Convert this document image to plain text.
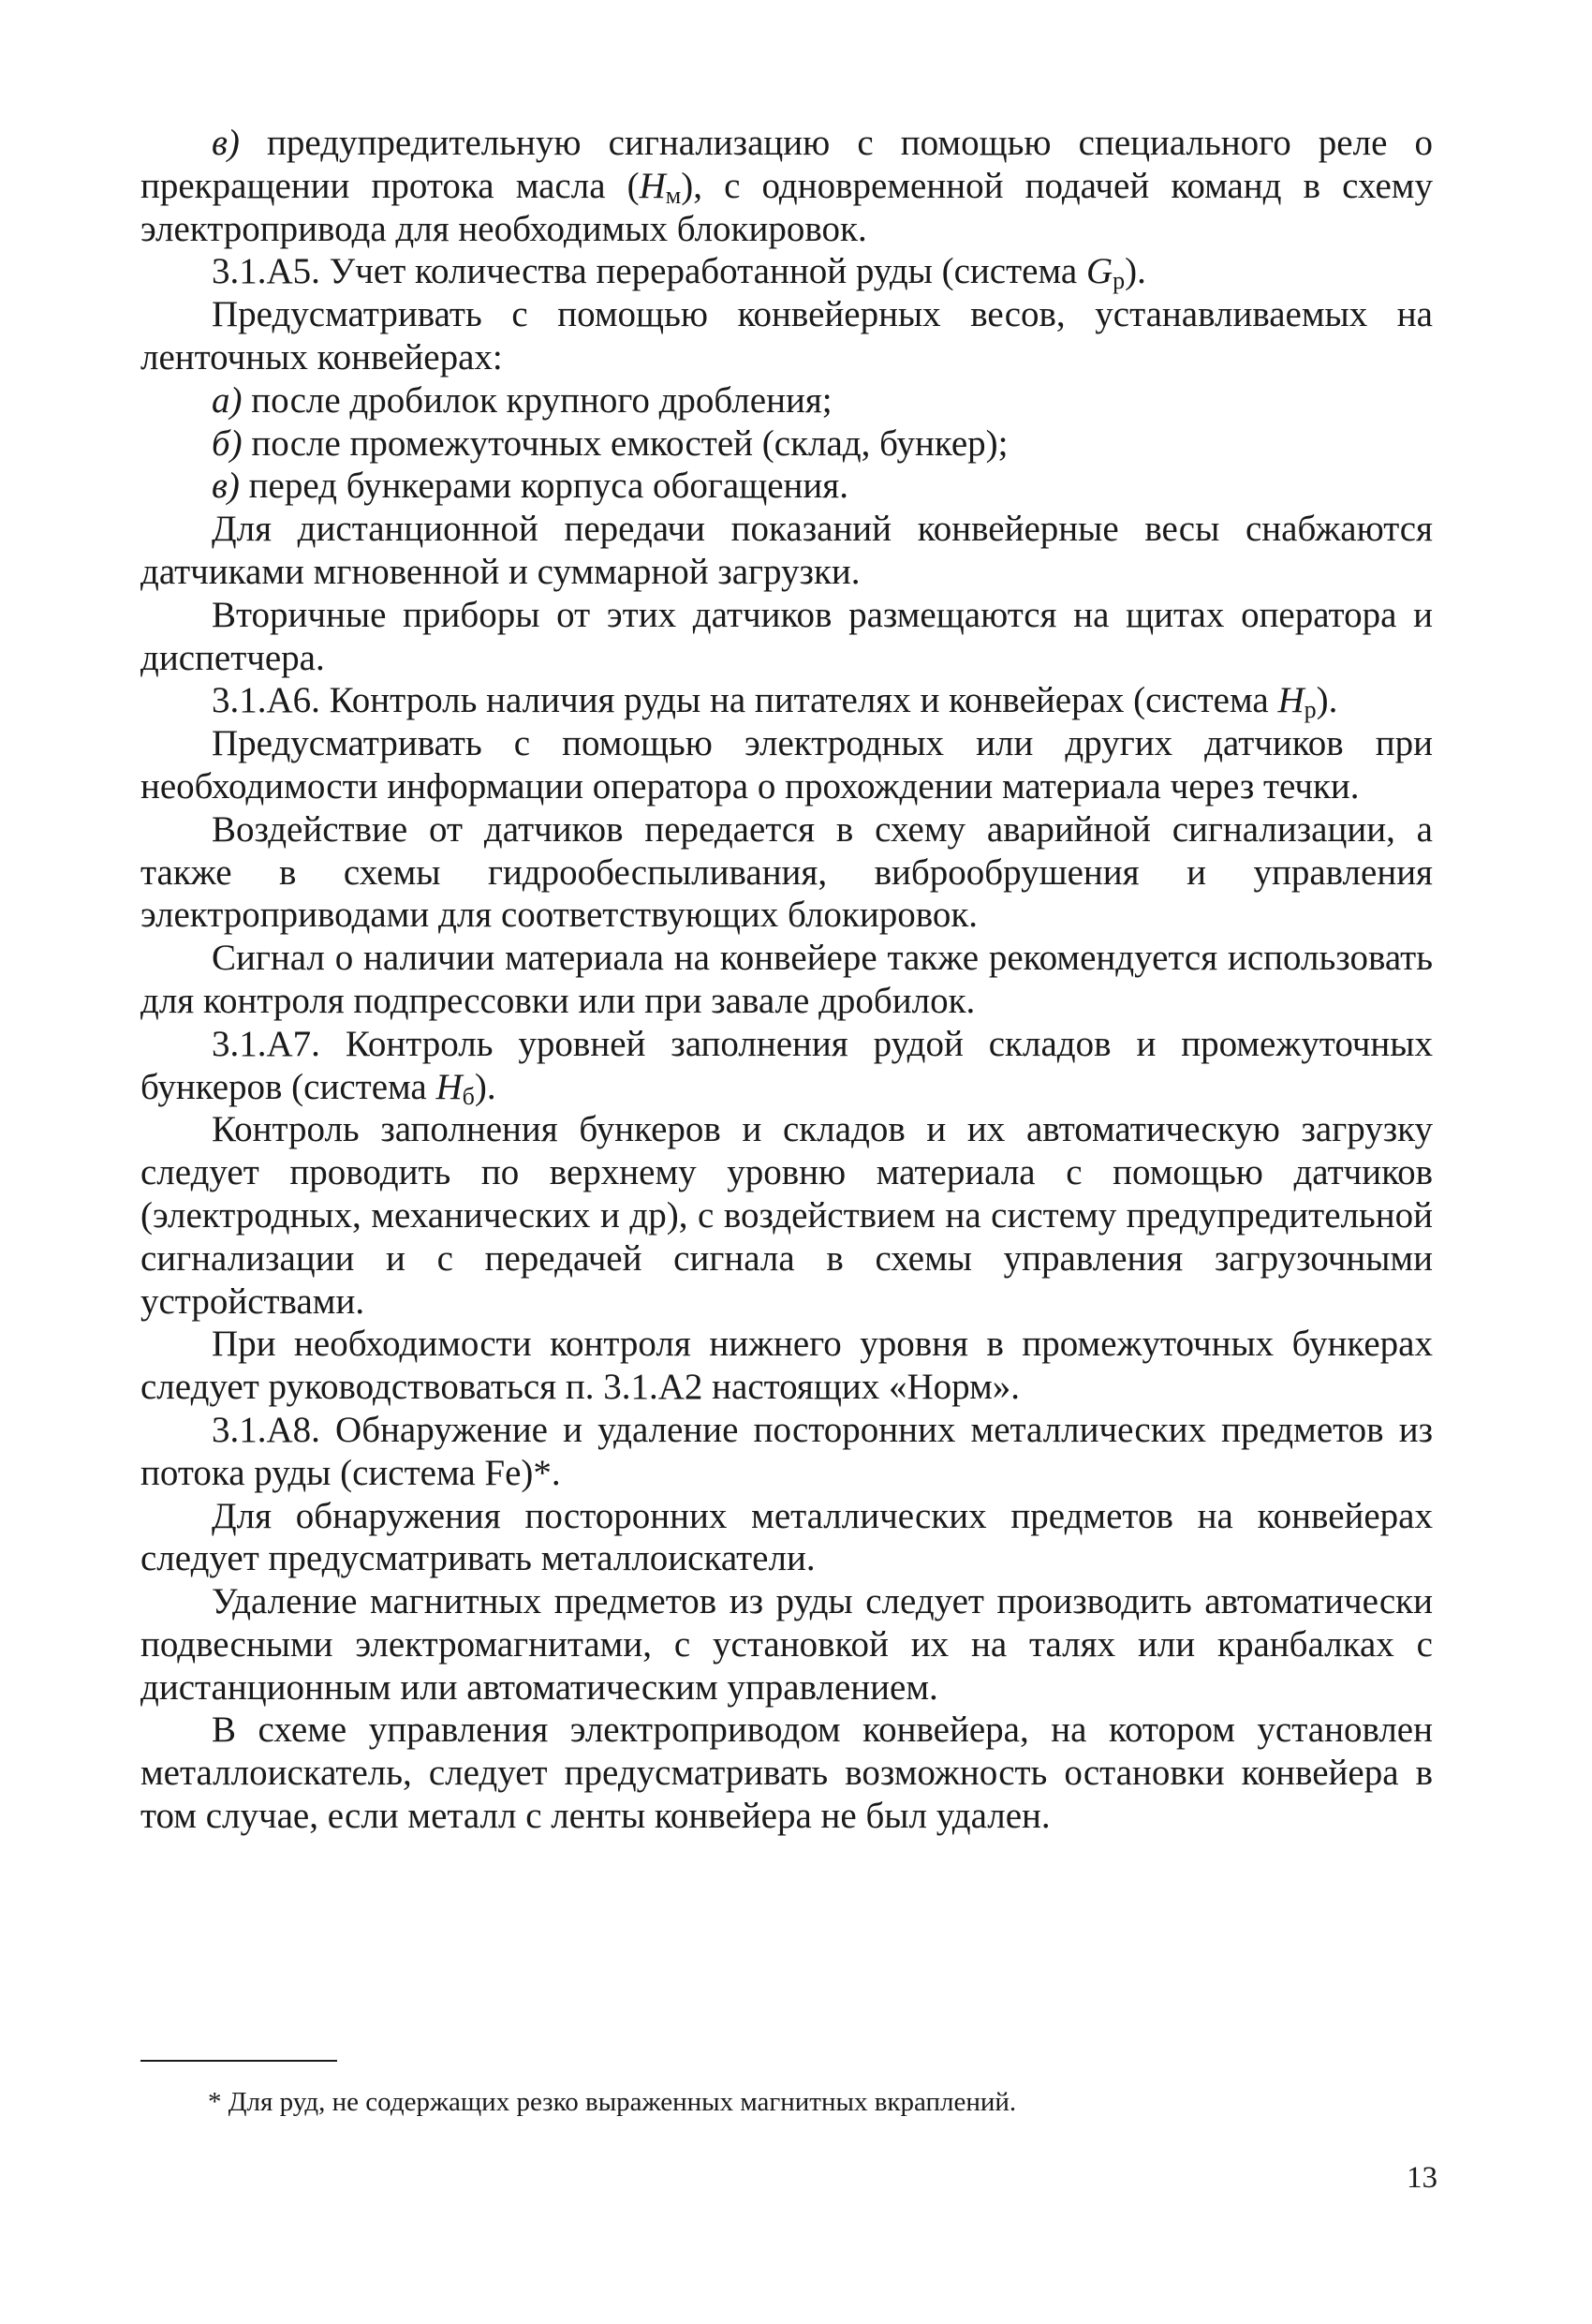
в) предупредительную сигнализацию с помощью специального реле о прекращении протока масла $(Н_м)$, с одновременной подачей команд в схему электропривода для необходимых блокировок.

3.1.А5. Учет количества переработанной руды (система $G_р$).

Предусматривать с помощью конвейерных весов, устанавливаемых на ленточных конвейерах:

а) после дробилок крупного дробления;

б) после промежуточных емкостей (склад, бункер);

в) перед бункерами корпуса обогащения.

Для дистанционной передачи показаний конвейерные весы снабжаются датчиками мгновенной и суммарной загрузки.

Вторичные приборы от этих датчиков размещаются на щитах оператора и диспетчера.

3.1.А6. Контроль наличия руды на питателях и конвейерах (система $Н_р$).

Предусматривать с помощью электродных или других датчиков при необходимости информации оператора о прохождении материала через течки.

Воздействие от датчиков передается в схему аварийной сигнализации, а также в схемы гидрообеспыливания, виброобрушения и управления электроприводами для соответствующих блокировок.

Сигнал о наличии материала на конвейере также рекомендуется использовать для контроля подпрессовки или при завале дробилок.

3.1.А7. Контроль уровней заполнения рудой складов и промежуточных бункеров (система $Н_б$).

Контроль заполнения бункеров и складов и их автоматическую загрузку следует проводить по верхнему уровню материала с помощью датчиков (электродных, механических и др), с воздействием на систему предупредительной сигнализации и с передачей сигнала в схемы управления загрузочными устройствами.

При необходимости контроля нижнего уровня в промежуточных бункерах следует руководствоваться п. 3.1.А2 настоящих «Норм».

3.1.А8. Обнаружение и удаление посторонних металлических предметов из потока руды (система Fe)*.

Для обнаружения посторонних металлических предметов на конвейерах следует предусматривать металлоискатели.

Удаление магнитных предметов из руды следует производить автоматически подвесными электромагнитами, с установкой их на талях или кранбалках с дистанционным или автоматическим управлением.

В схеме управления электроприводом конвейера, на котором установлен металлоискатель, следует предусматривать возможность остановки конвейера в том случае, если металл с ленты конвейера не был удален.

* Для руд, не содержащих резко выраженных магнитных вкраплений.
13
